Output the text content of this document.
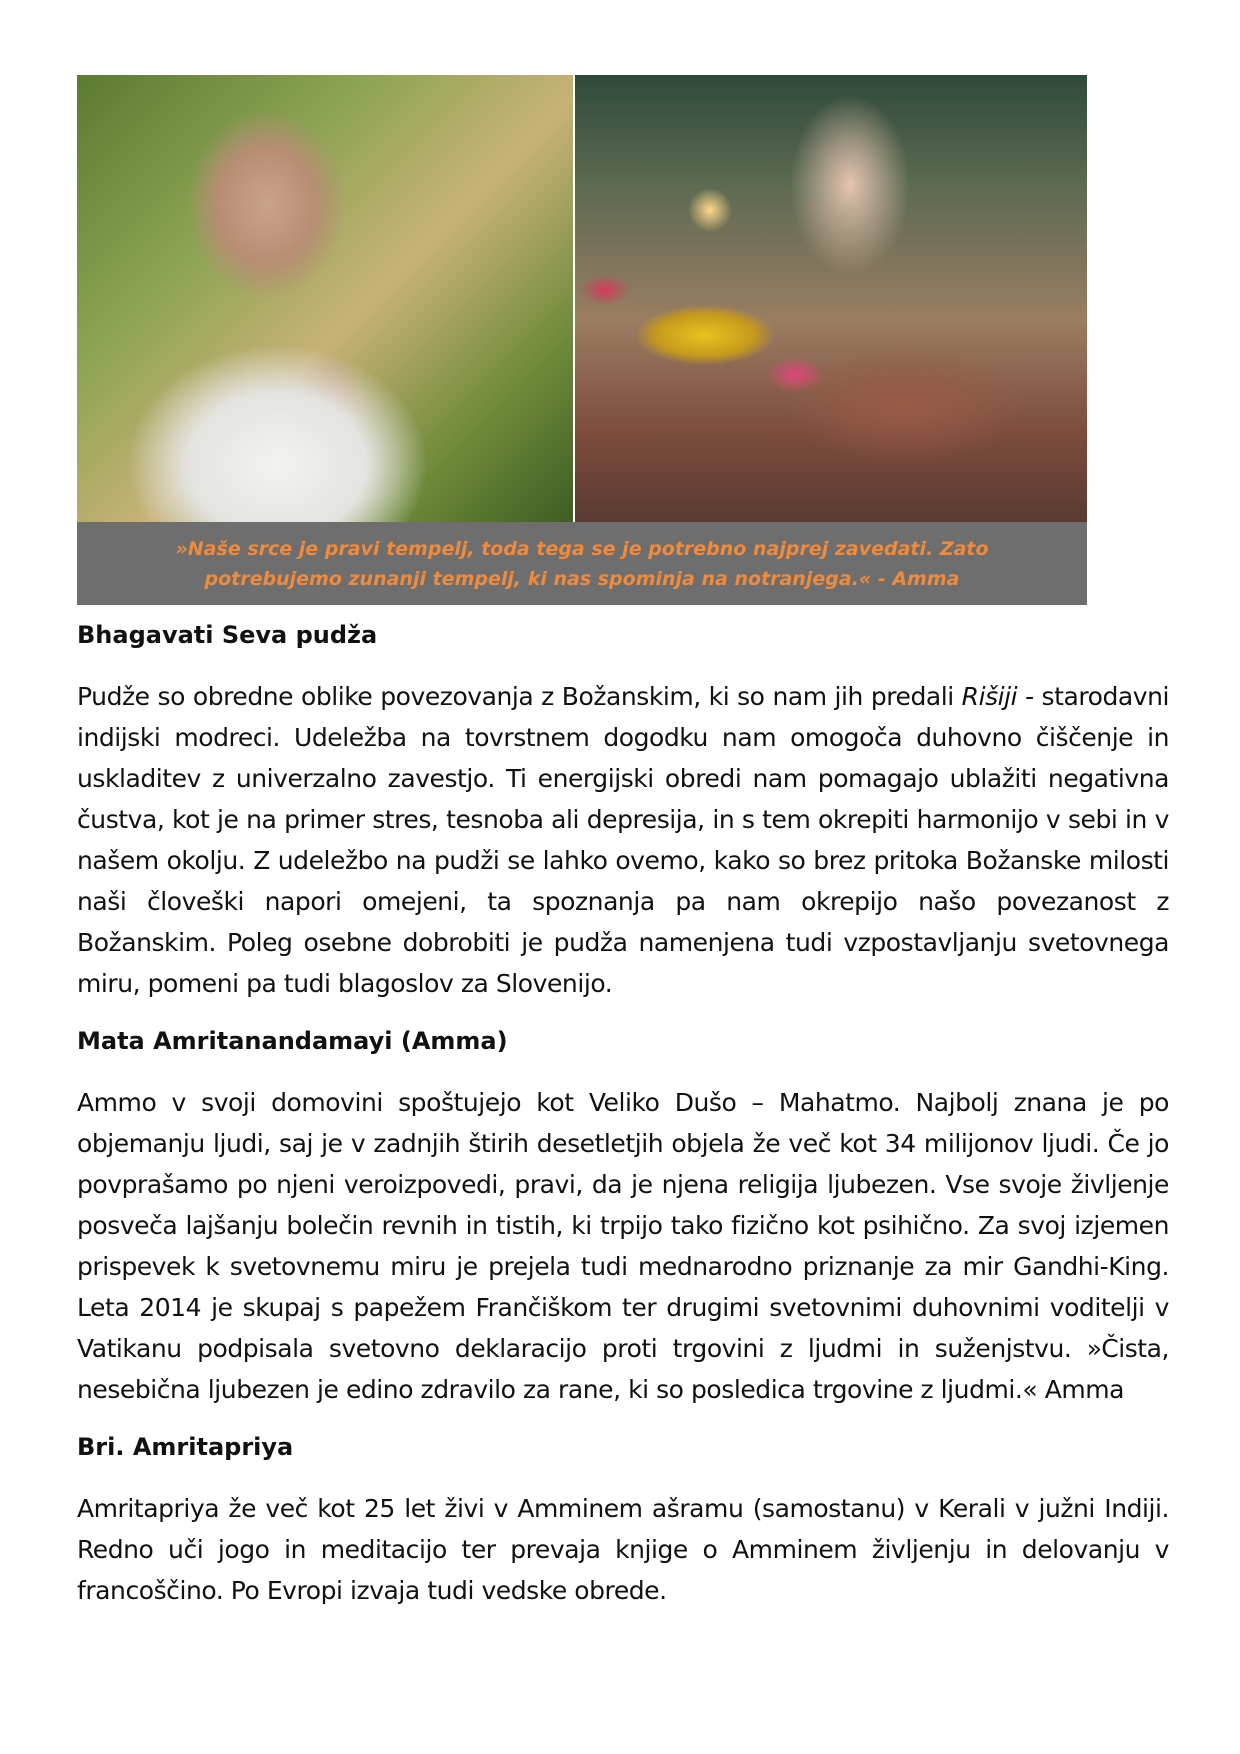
»Naše srce je pravi tempelj, toda tega se je potrebno najprej zavedati. Zato potrebujemo zunanji tempelj, ki nas spominja na notranjega.« - Amma
Bhagavati Seva pudža

Pudže so obredne oblike povezovanja z Božanskim, ki so nam jih predali Rišiji - starodavni indijski modreci. Udeležba na tovrstnem dogodku nam omogoča duhovno čiščenje in uskladitev z univerzalno zavestjo. Ti energijski obredi nam pomagajo ublažiti negativna čustva, kot je na primer stres, tesnoba ali depresija, in s tem okrepiti harmonijo v sebi in v našem okolju. Z udeležbo na pudži se lahko ovemo, kako so brez pritoka Božanske milosti naši človeški napori omejeni, ta spoznanja pa nam okrepijo našo povezanost z Božanskim. Poleg osebne dobrobiti je pudža namenjena tudi vzpostavljanju svetovnega miru, pomeni pa tudi blagoslov za Slovenijo.

Mata Amritanandamayi (Amma)

Ammo v svoji domovini spoštujejo kot Veliko Dušo – Mahatmo. Najbolj znana je po objemanju ljudi, saj je v zadnjih štirih desetletjih objela že več kot 34 milijonov ljudi. Če jo povprašamo po njeni veroizpovedi, pravi, da je njena religija ljubezen. Vse svoje življenje posveča lajšanju bolečin revnih in tistih, ki trpijo tako fizično kot psihično. Za svoj izjemen prispevek k svetovnemu miru je prejela tudi mednarodno priznanje za mir Gandhi-King. Leta 2014 je skupaj s papežem Frančiškom ter drugimi svetovnimi duhovnimi voditelji v Vatikanu podpisala svetovno deklaracijo proti trgovini z ljudmi in suženjstvu. »Čista, nesebična ljubezen je edino zdravilo za rane, ki so posledica trgovine z ljudmi.« Amma

Bri. Amritapriya

Amritapriya že več kot 25 let živi v Amminem ašramu (samostanu) v Kerali v južni Indiji. Redno uči jogo in meditacijo ter prevaja knjige o Amminem življenju in delovanju v francoščino. Po Evropi izvaja tudi vedske obrede.
